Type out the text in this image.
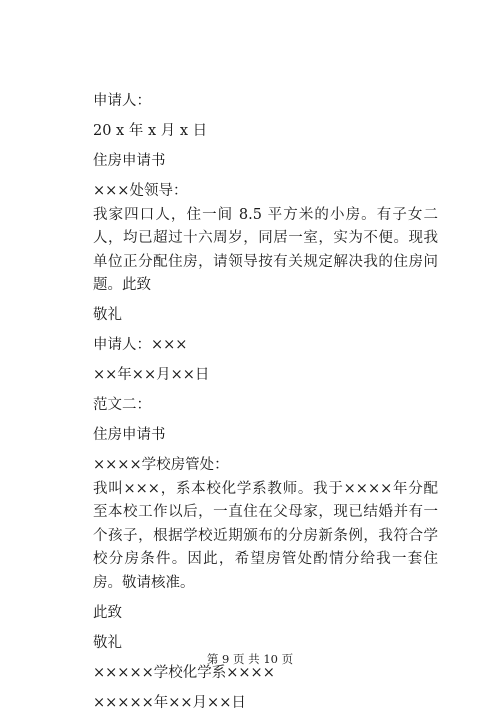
申请人：

20 x 年 x 月 x 日

住房申请书

×××处领导：

我家四口人，住一间 8.5 平方米的小房。有子女二人，均已超过十六周岁，同居一室，实为不便。现我单位正分配住房，请领导按有关规定解决我的住房问题。此致

敬礼

申请人：×××

××年××月××日

范文二：

住房申请书

××××学校房管处：

我叫×××，系本校化学系教师。我于××××年分配至本校工作以后，一直住在父母家，现已结婚并有一个孩子，根据学校近期颁布的分房新条例，我符合学校分房条件。因此，希望房管处酌情分给我一套住房。敬请核准。

此致

敬礼

×××××学校化学系××××

×××××年××月××日

第 9 页 共 10 页
